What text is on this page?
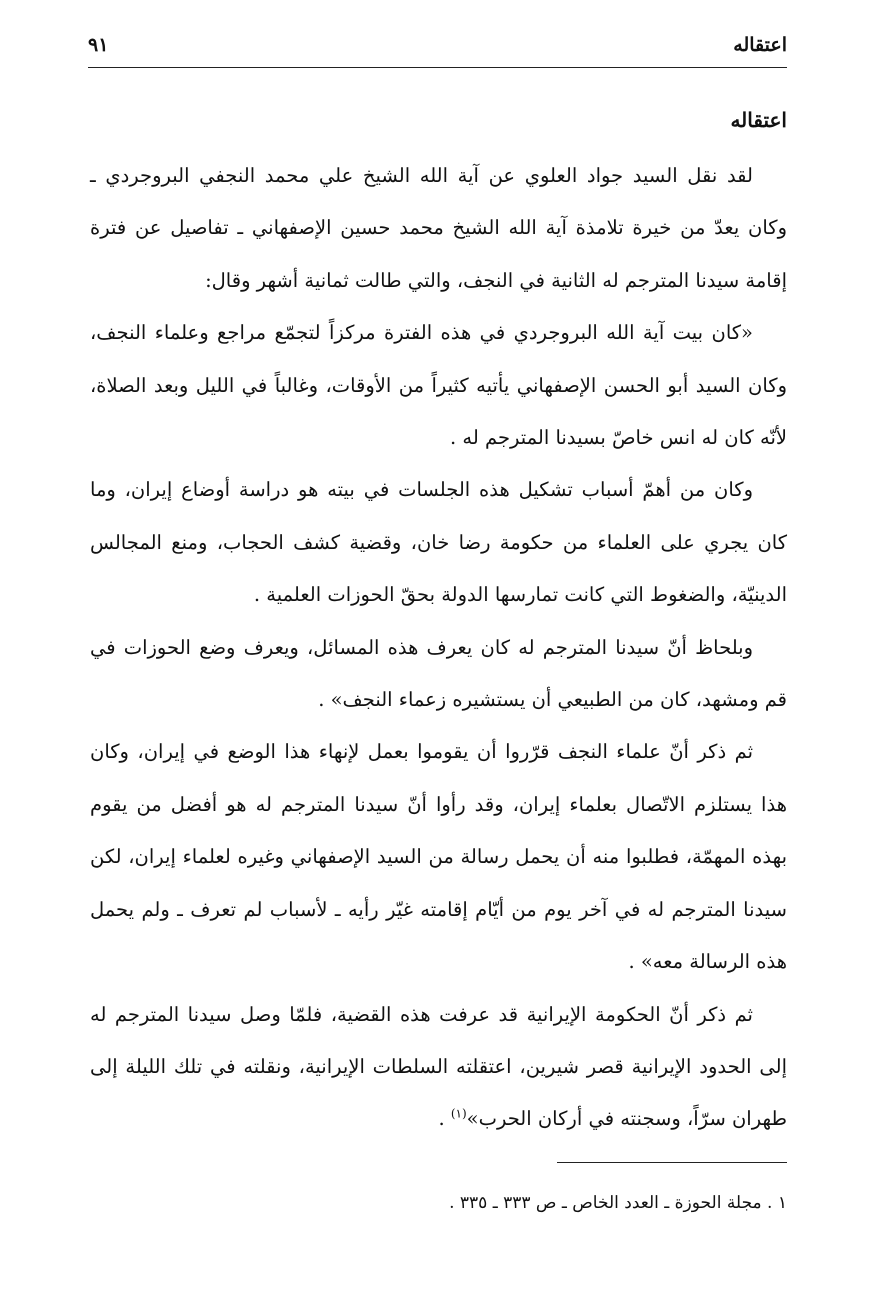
اعتقاله
٩١
اعتقاله

لقد نقل السيد جواد العلوي عن آية الله الشيخ علي محمد النجفي البروجردي ـ وكان يعدّ من خيرة تلامذة آية الله الشيخ محمد حسين الإصفهاني ـ تفاصيل عن فترة إقامة سيدنا المترجم له الثانية في النجف، والتي طالت ثمانية أشهر وقال:

«كان بيت آية الله البروجردي في هذه الفترة مركزاً لتجمّع مراجع وعلماء النجف، وكان السيد أبو الحسن الإصفهاني يأتيه كثيراً من الأوقات، وغالباً في الليل وبعد الصلاة، لأنّه كان له انس خاصّ بسيدنا المترجم له .

وكان من أهمّ أسباب تشكيل هذه الجلسات في بيته هو دراسة أوضاع إيران، وما كان يجري على العلماء من حكومة رضا خان، وقضية كشف الحجاب، ومنع المجالس الدينيّة، والضغوط التي كانت تمارسها الدولة بحقّ الحوزات العلمية .

وبلحاظ أنّ سيدنا المترجم له كان يعرف هذه المسائل، ويعرف وضع الحوزات في قم ومشهد، كان من الطبيعي أن يستشيره زعماء النجف» .

ثم ذكر أنّ علماء النجف قرّروا أن يقوموا بعمل لإنهاء هذا الوضع في إيران، وكان هذا يستلزم الاتّصال بعلماء إيران، وقد رأوا أنّ سيدنا المترجم له هو أفضل من يقوم بهذه المهمّة، فطلبوا منه أن يحمل رسالة من السيد الإصفهاني وغيره لعلماء إيران، لكن سيدنا المترجم له في آخر يوم من أيّام إقامته غيّر رأيه ـ لأسباب لم تعرف ـ ولم يحمل هذه الرسالة معه» .

ثم ذكر أنّ الحكومة الإيرانية قد عرفت هذه القضية، فلمّا وصل سيدنا المترجم له إلى الحدود الإيرانية قصر شيرين، اعتقلته السلطات الإيرانية، ونقلته في تلك الليلة إلى طهران سرّاً، وسجنته في أركان الحرب»$^{(١)}$ .

١ . مجلة الحوزة ـ العدد الخاص ـ ص ٣٣٣ ـ ٣٣٥ .
